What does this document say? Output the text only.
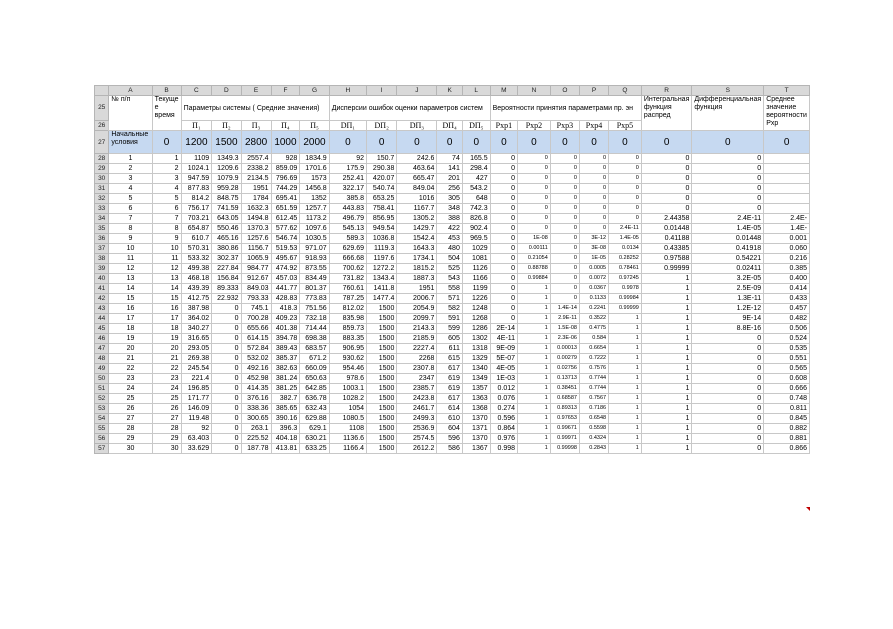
	A	B	C	D	E	F	G	H	I	J	K	L	M	N	O	P	Q	R	S	T
25	№ п/п	Текуще е время	Параметры системы ( Средние значения)					Дисперсии ошибок оценки параметров систем					Вероятности принятия параметрами пр. эн					Интегральная функция распред	Дифференциальная функция	Среднее значение вероятности Рхр
26			П₁	П₂	П₃	П₄	П₅	DП₁	DП₂	DП₃	DП₄	DП₅	Pхр1	Pхр2	Pхр3	Pхр4	Pхр5			
27	Начальные условия	0	1200	1500	2800	1000	2000	0	0	0	0	0	0	0	0	0	0	0	0	0
28	1	1	1109	1349.3	2557.4	928	1834.9	92	150.7	242.6	74	165.5	0	0	0	0	0	0	0	
29	2	2	1024.1	1209.6	2338.2	859.09	1701.6	175.9	290.38	463.64	141	298.4	0	0	0	0	0	0	0	
30	3	3	947.59	1079.9	2134.5	796.69	1573	252.41	420.07	665.47	201	427	0	0	0	0	0	0	0	
31	4	4	877.83	959.28	1951	744.29	1456.8	322.17	540.74	849.04	256	543.2	0	0	0	0	0	0	0	
32	5	5	814.2	848.75	1784	695.41	1352	385.8	653.25	1016	305	648	0	0	0	0	0	0	0	
33	6	6	756.17	741.59	1632.3	651.59	1257.7	443.83	758.41	1167.7	348	742.3	0	0	0	0	0	0	0	
34	7	7	703.21	643.05	1494.8	612.45	1173.2	496.79	856.95	1305.2	388	826.8	0	0	0	0	0	2.44358	2.4E-11	2.4E-
35	8	8	654.87	550.46	1370.3	577.62	1097.6	545.13	949.54	1429.7	422	902.4	0	0	0	0	2.4E-11	0.01448	1.4E-05	1.4E-
36	9	9	610.7	465.16	1257.6	546.74	1030.5	589.3	1036.8	1542.4	453	969.5	0	1E-08	0	3E-12	1.4E-05	0.41188	0.01448	0.001
37	10	10	570.31	380.86	1156.7	519.53	971.07	629.69	1119.3	1643.3	480	1029	0	0.00111	0	3E-08	0.0134	0.43385	0.41918	0.060
38	11	11	533.32	302.37	1065.9	495.67	918.93	666.68	1197.6	1734.1	504	1081	0	0.21054	0	1E-05	0.28252	0.97588	0.54221	0.216
39	12	12	499.38	227.84	984.77	474.92	873.55	700.62	1272.2	1815.2	525	1126	0	0.88788	0	0.0005	0.78461	0.99999	0.02411	0.385
40	13	13	468.18	156.84	912.67	457.03	834.49	731.82	1343.4	1887.3	543	1166	0	0.99884	0	0.0072	0.97245	1	3.2E-05	0.400
41	14	14	439.39	89.333	849.03	441.77	801.37	760.61	1411.8	1951	558	1199	0	1	0	0.0367	0.9978	1	2.5E-09	0.414
42	15	15	412.75	22.932	793.33	428.83	773.83	787.25	1477.4	2006.7	571	1226	0	1	0	0.1133	0.99984	1	1.3E-11	0.433
43	16	16	387.98	0	745.1	418.3	751.56	812.02	1500	2054.9	582	1248	0	1	1.4E-14	0.2241	0.99999	1	1.2E-12	0.457
44	17	17	364.02	0	700.28	409.23	732.18	835.98	1500	2099.7	591	1268	0	1	2.9E-11	0.3522	1	1	9E-14	0.482
45	18	18	340.27	0	655.66	401.38	714.44	859.73	1500	2143.3	599	1286	2E-14	1	1.5E-08	0.4775	1	1	8.8E-16	0.506
46	19	19	316.65	0	614.15	394.78	698.38	883.35	1500	2185.9	605	1302	4E-11	1	2.3E-06	0.584	1	1	0	0.524
47	20	20	293.05	0	572.84	389.43	683.57	906.95	1500	2227.4	611	1318	9E-09	1	0.00013	0.6654	1	1	0	0.535
48	21	21	269.38	0	532.02	385.37	671.2	930.62	1500	2268	615	1329	5E-07	1	0.00279	0.7222	1	1	0	0.551
49	22	22	245.54	0	492.16	382.63	660.09	954.46	1500	2307.8	617	1340	4E-05	1	0.02756	0.7576	1	1	0	0.565
50	23	23	221.4	0	452.98	381.24	650.63	978.6	1500	2347	619	1349	1E-03	1	0.13713	0.7744	1	1	0	0.608
51	24	24	196.85	0	414.35	381.25	642.85	1003.1	1500	2385.7	619	1357	0.012	1	0.38451	0.7744	1	1	0	0.666
52	25	25	171.77	0	376.16	382.7	636.78	1028.2	1500	2423.8	617	1363	0.076	1	0.68587	0.7567	1	1	0	0.748
53	26	26	146.09	0	338.36	385.65	632.43	1054	1500	2461.7	614	1368	0.274	1	0.89313	0.7186	1	1	0	0.811
54	27	27	119.48	0	300.65	390.16	629.88	1080.5	1500	2499.3	610	1370	0.596	1	0.97653	0.6548	1	1	0	0.845
55	28	28	92	0	263.1	396.3	629.1	1108	1500	2536.9	604	1371	0.864	1	0.99671	0.5598	1	1	0	0.882
56	29	29	63.403	0	225.52	404.18	630.21	1136.6	1500	2574.5	596	1370	0.976	1	0.99971	0.4324	1	1	0	0.881
57	30	30	33.629	0	187.78	413.81	633.25	1166.4	1500	2612.2	586	1367	0.998	1	0.99998	0.2843	1	1	0	0.866
